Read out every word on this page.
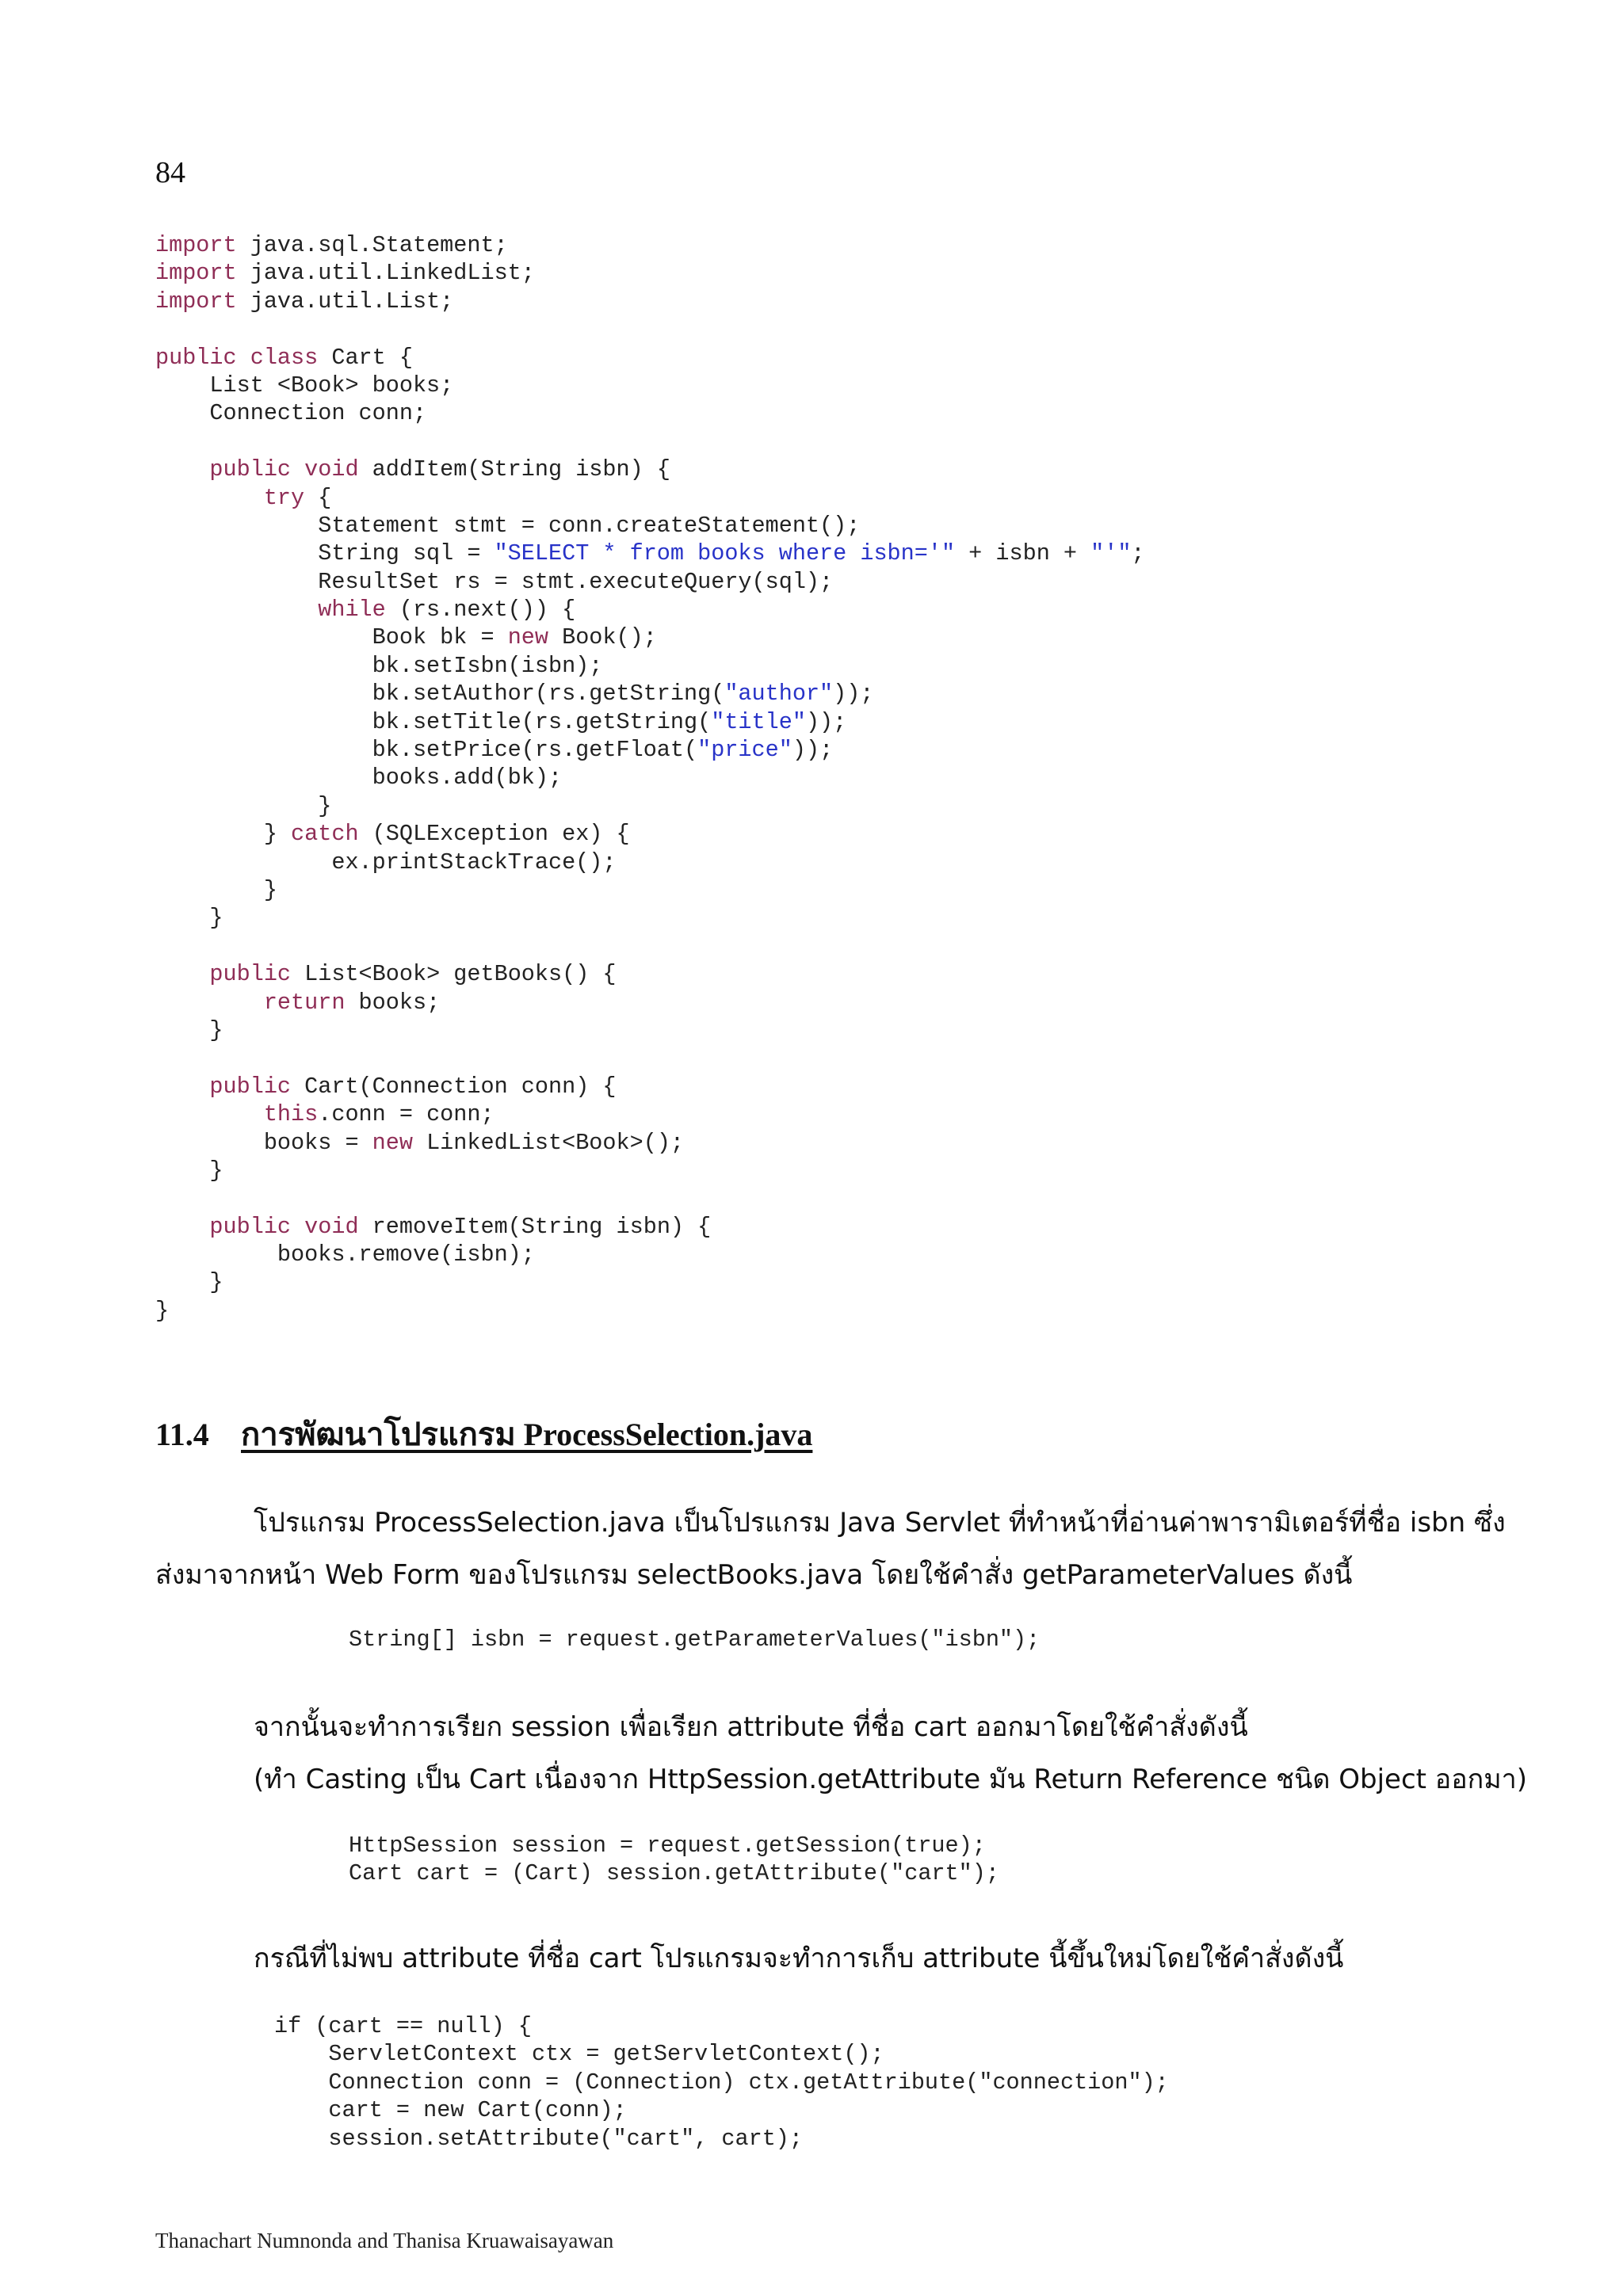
84
import java.sql.Statement;
import java.util.LinkedList;
import java.util.List;
public class Cart {
List <Book> books;
Connection conn;
public void addItem(String isbn) {
try {
Statement stmt = conn.createStatement();
String sql = "SELECT * from books where isbn='" + isbn + "'";
ResultSet rs = stmt.executeQuery(sql);
while (rs.next()) {
Book bk = new Book();
bk.setIsbn(isbn);
bk.setAuthor(rs.getString("author"));
bk.setTitle(rs.getString("title"));
bk.setPrice(rs.getFloat("price"));
books.add(bk);
}
} catch (SQLException ex) {
ex.printStackTrace();
}
}
public List<Book> getBooks() {
return books;
}
public Cart(Connection conn) {
this.conn = conn;
books = new LinkedList<Book>();
}
public void removeItem(String isbn) {
books.remove(isbn);
}
}
11.4 การพัฒนาโปรแกรม ProcessSelection.java
โปรแกรม ProcessSelection.java เป็นโปรแกรม Java Servlet ที่ทำหน้าที่อ่านค่าพารามิเตอร์ที่ชื่อ isbn ซึ่ง
ส่งมาจากหน้า Web Form ของโปรแกรม selectBooks.java โดยใช้คำสั่ง getParameterValues ดังนี้
String[] isbn = request.getParameterValues("isbn");
จากนั้นจะทำการเรียก session เพื่อเรียก attribute ที่ชื่อ cart ออกมาโดยใช้คำสั่งดังนี้
(ทำ Casting เป็น Cart เนื่องจาก HttpSession.getAttribute มัน Return Reference ชนิด Object ออกมา)
HttpSession session = request.getSession(true);
Cart cart = (Cart) session.getAttribute("cart");
กรณีที่ไม่พบ attribute ที่ชื่อ cart โปรแกรมจะทำการเก็บ attribute นี้ขึ้นใหม่โดยใช้คำสั่งดังนี้
if (cart == null) {
ServletContext ctx = getServletContext();
Connection conn = (Connection) ctx.getAttribute("connection");
cart = new Cart(conn);
session.setAttribute("cart", cart);
Thanachart Numnonda and Thanisa Kruawaisayawan
